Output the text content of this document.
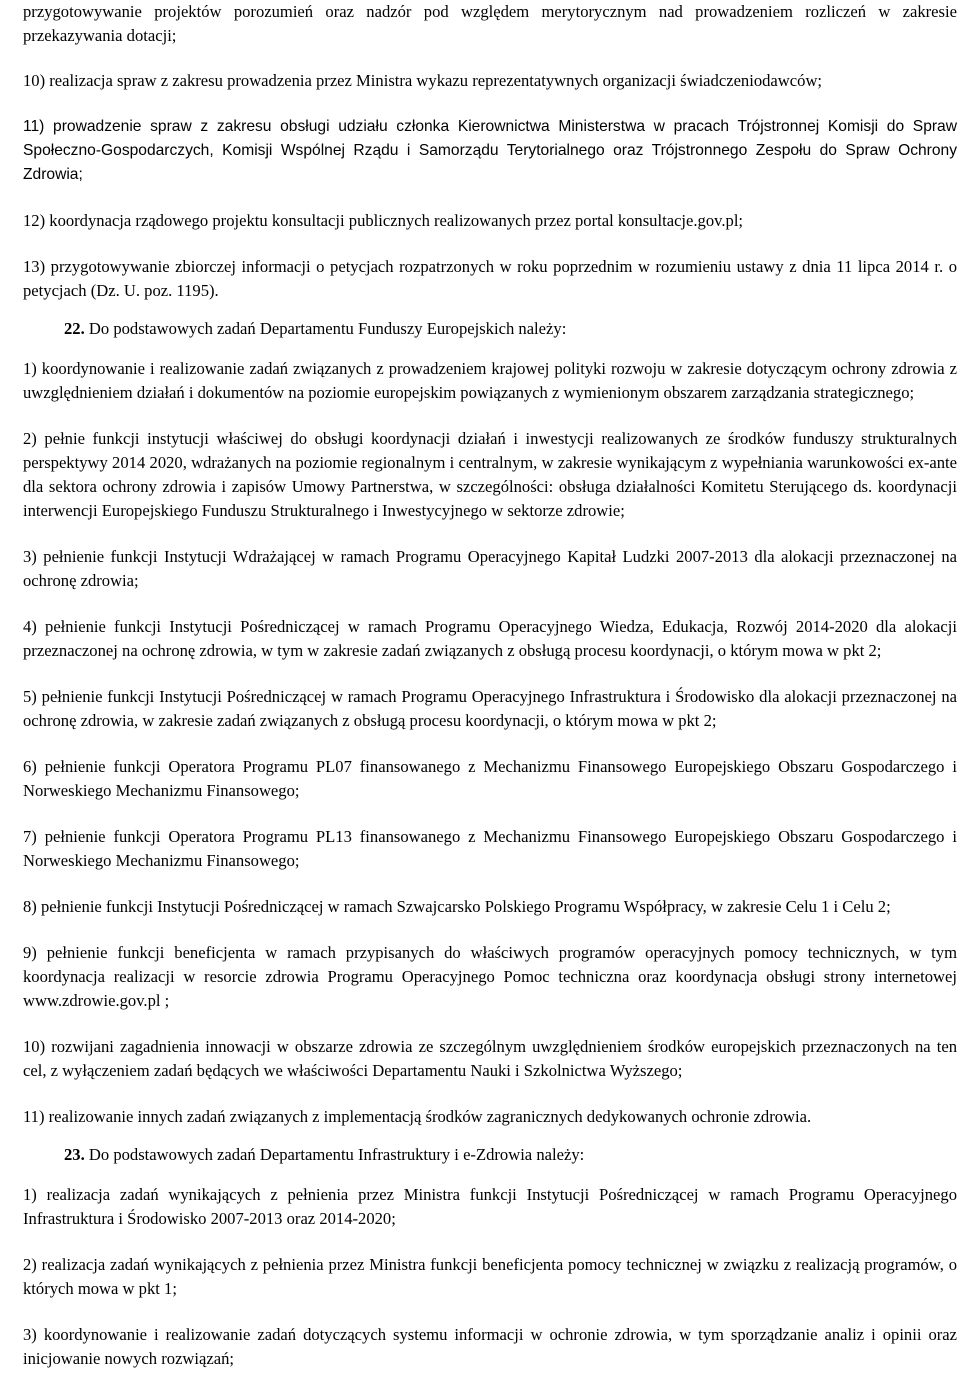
przygotowywanie projektów porozumień oraz nadzór pod względem merytorycznym nad prowadzeniem rozliczeń w zakresie przekazywania dotacji;

10) realizacja spraw z zakresu prowadzenia przez Ministra wykazu reprezentatywnych organizacji świadczeniodawców;

11) prowadzenie spraw z zakresu obsługi udziału członka Kierownictwa Ministerstwa w pracach Trójstronnej Komisji do Spraw Społeczno-Gospodarczych, Komisji Wspólnej Rządu i Samorządu Terytorialnego oraz Trójstronnego Zespołu do Spraw Ochrony Zdrowia;

12) koordynacja rządowego projektu konsultacji publicznych realizowanych przez portal konsultacje.gov.pl;

13) przygotowywanie zbiorczej informacji o petycjach rozpatrzonych w roku poprzednim w rozumieniu ustawy z dnia 11 lipca 2014 r. o petycjach (Dz. U. poz. 1195).

22. Do podstawowych zadań Departamentu Funduszy Europejskich należy:

1) koordynowanie i realizowanie zadań związanych z prowadzeniem krajowej polityki rozwoju w zakresie dotyczącym ochrony zdrowia z uwzględnieniem działań i dokumentów na poziomie europejskim powiązanych z wymienionym obszarem zarządzania strategicznego;

2) pełnie funkcji instytucji właściwej do obsługi koordynacji działań i inwestycji realizowanych ze środków funduszy strukturalnych perspektywy 2014 2020, wdrażanych na poziomie regionalnym i centralnym, w zakresie wynikającym z wypełniania warunkowości ex-ante dla sektora ochrony zdrowia i zapisów Umowy Partnerstwa, w szczególności: obsługa działalności Komitetu Sterującego ds. koordynacji interwencji Europejskiego Funduszu Strukturalnego i Inwestycyjnego w sektorze zdrowie;

3) pełnienie funkcji Instytucji Wdrażającej w ramach Programu Operacyjnego Kapitał Ludzki 2007-2013 dla alokacji przeznaczonej na ochronę zdrowia;

4) pełnienie funkcji Instytucji Pośredniczącej w ramach Programu Operacyjnego Wiedza, Edukacja, Rozwój 2014-2020 dla alokacji przeznaczonej na ochronę zdrowia, w tym w zakresie zadań związanych z obsługą procesu koordynacji, o którym mowa w pkt 2;

5) pełnienie funkcji Instytucji Pośredniczącej w ramach Programu Operacyjnego Infrastruktura i Środowisko dla alokacji przeznaczonej na ochronę zdrowia, w zakresie zadań związanych z obsługą procesu koordynacji, o którym mowa w pkt 2;

6) pełnienie funkcji Operatora Programu PL07 finansowanego z Mechanizmu Finansowego Europejskiego Obszaru Gospodarczego i Norweskiego Mechanizmu Finansowego;

7) pełnienie funkcji Operatora Programu PL13 finansowanego z Mechanizmu Finansowego Europejskiego Obszaru Gospodarczego i Norweskiego Mechanizmu Finansowego;

8) pełnienie funkcji Instytucji Pośredniczącej w ramach Szwajcarsko Polskiego Programu Współpracy, w zakresie Celu 1 i Celu 2;

9) pełnienie funkcji beneficjenta w ramach przypisanych do właściwych programów operacyjnych pomocy technicznych, w tym koordynacja realizacji w resorcie zdrowia Programu Operacyjnego Pomoc techniczna oraz koordynacja obsługi strony internetowej www.zdrowie.gov.pl ;

10) rozwijani zagadnienia innowacji w obszarze zdrowia ze szczególnym uwzględnieniem środków europejskich przeznaczonych na ten cel, z wyłączeniem zadań będących we właściwości Departamentu Nauki i Szkolnictwa Wyższego;

11) realizowanie innych zadań związanych z implementacją środków zagranicznych dedykowanych ochronie zdrowia.

23. Do podstawowych zadań Departamentu Infrastruktury i e-Zdrowia należy:

1) realizacja zadań wynikających z pełnienia przez Ministra funkcji Instytucji Pośredniczącej w ramach Programu Operacyjnego Infrastruktura i Środowisko 2007-2013 oraz 2014-2020;

2) realizacja zadań wynikających z pełnienia przez Ministra funkcji beneficjenta pomocy technicznej w związku z realizacją programów, o których mowa w pkt 1;

3) koordynowanie i realizowanie zadań dotyczących systemu informacji w ochronie zdrowia, w tym sporządzanie analiz i opinii oraz inicjowanie nowych rozwiązań;
